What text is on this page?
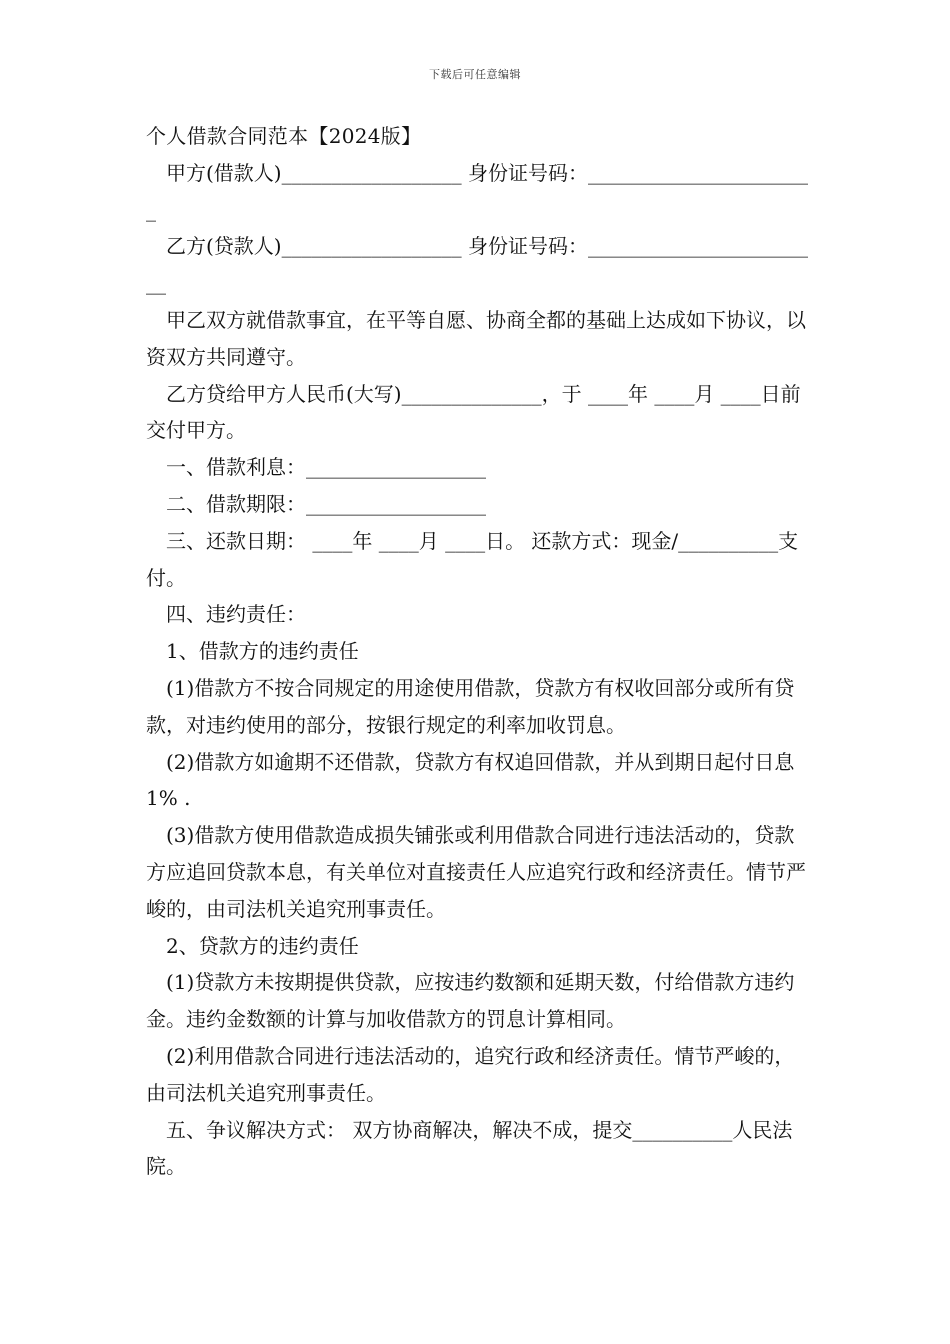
下载后可任意编辑

个人借款合同范本【2024版】

甲方(借款人)__________________ 身份证号码：_______________________

乙方(贷款人)__________________ 身份证号码：________________________

甲乙双方就借款事宜，在平等自愿、协商全都的基础上达成如下协议，以资双方共同遵守。

乙方贷给甲方人民币(大写)______________，于 ____年 ____月 ____日前交付甲方。

一、借款利息：__________________

二、借款期限：__________________

三、还款日期： ____年 ____月 ____日。 还款方式：现金/__________支付。

四、违约责任：

1、借款方的违约责任

(1)借款方不按合同规定的用途使用借款，贷款方有权收回部分或所有贷款，对违约使用的部分，按银行规定的利率加收罚息。

(2)借款方如逾期不还借款，贷款方有权追回借款，并从到期日起付日息 1% .

(3)借款方使用借款造成损失铺张或利用借款合同进行违法活动的，贷款方应追回贷款本息，有关单位对直接责任人应追究行政和经济责任。情节严峻的，由司法机关追究刑事责任。

2、贷款方的违约责任

(1)贷款方未按期提供贷款，应按违约数额和延期天数，付给借款方违约金。违约金数额的计算与加收借款方的罚息计算相同。

(2)利用借款合同进行违法活动的，追究行政和经济责任。情节严峻的，由司法机关追究刑事责任。

五、争议解决方式： 双方协商解决，解决不成，提交__________人民法院。
